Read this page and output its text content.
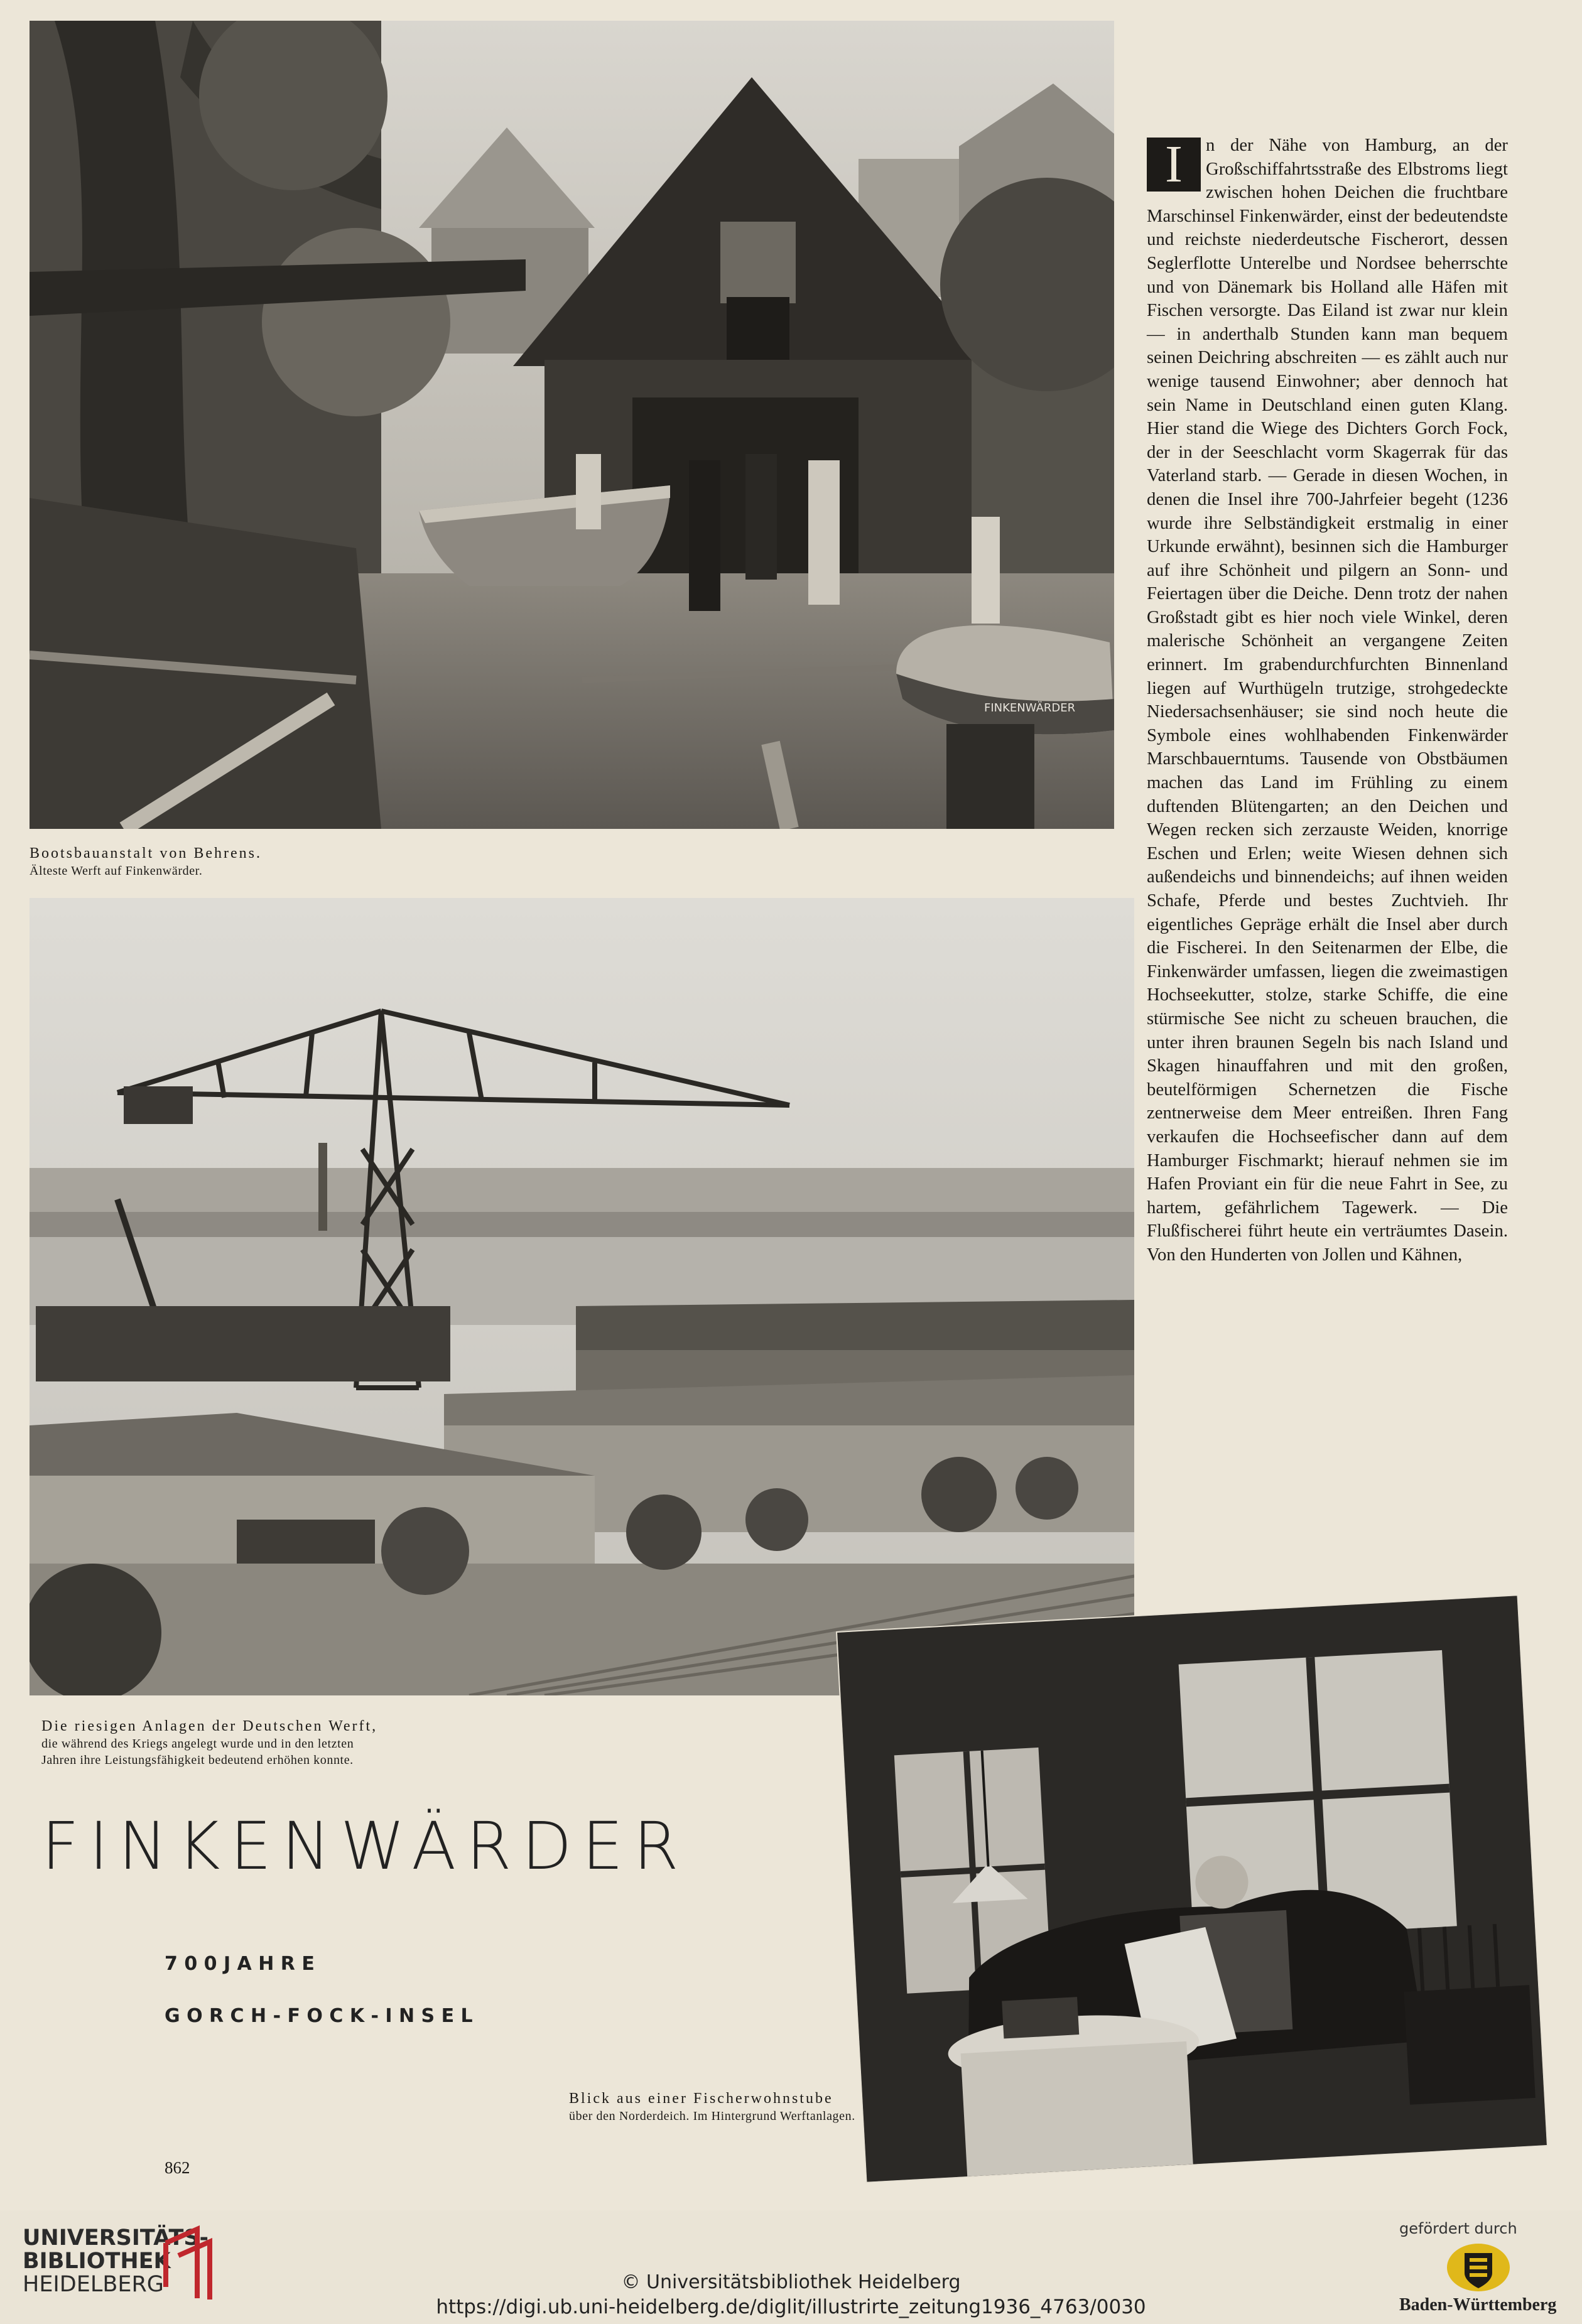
FINKENWÄRDER
Bootsbauanstalt von Behrens.
Älteste Werft auf Finkenwärder.
Die riesigen Anlagen der Deutschen Werft,
die während des Kriegs angelegt wurde und in den letzten
Jahren ihre Leistungsfähigkeit bedeutend erhöhen konnte.
FINKENWÄRDER
7 0 0 J A H R E
G O R C H - F O C K - I N S E L
Blick aus einer Fischerwohnstube
über den Norderdeich. Im Hintergrund Werftanlagen.
862
I	n der Nähe von Hamburg, an der Großschiffahrtsstraße des Elbstroms liegt zwischen hohen Deichen die fruchtbare Marschinsel Finkenwärder, einst der bedeutendste und reichste niederdeutsche Fischerort, dessen Seglerflotte Unterelbe und Nordsee beherrschte und von Dänemark bis Holland alle Häfen mit Fischen versorgte. Das Eiland ist zwar nur klein — in anderthalb Stunden kann man bequem seinen Deichring abschreiten — es zählt auch nur wenige tausend Einwohner; aber dennoch hat sein Name in Deutschland einen guten Klang. Hier stand die Wiege des Dichters Gorch Fock, der in der Seeschlacht vorm Skagerrak für das Vaterland starb. — Gerade in diesen Wochen, in denen die Insel ihre 700-Jahrfeier begeht (1236 wurde ihre Selbständigkeit erstmalig in einer Urkunde erwähnt), besinnen sich die Hamburger auf ihre Schönheit und pilgern an Sonn- und Feiertagen über die Deiche. Denn trotz der nahen Großstadt gibt es hier noch viele Winkel, deren malerische Schönheit an vergangene Zeiten erinnert. Im grabendurchfurchten Binnenland liegen auf Wurthügeln trutzige, strohgedeckte Niedersachsenhäuser; sie sind noch heute die Symbole eines wohlhabenden Finkenwärder Marschbauerntums. Tausende von Obstbäumen machen das Land im Frühling zu einem duftenden Blütengarten; an den Deichen und Wegen recken sich zerzauste Weiden, knorrige Eschen und Erlen; weite Wiesen dehnen sich außendeichs und binnendeichs; auf ihnen weiden Schafe, Pferde und bestes Zuchtvieh. Ihr eigentliches Gepräge erhält die Insel aber durch die Fischerei. In den Seitenarmen der Elbe, die Finkenwärder umfassen, liegen die zweimastigen Hochseekutter, stolze, starke Schiffe, die eine stürmische See nicht zu scheuen brauchen, die unter ihren braunen Segeln bis nach Island und Skagen hinauffahren und mit den großen, beutelförmigen Schernetzen die Fische zentnerweise dem Meer entreißen. Ihren Fang verkaufen die Hochseefischer dann auf dem Hamburger Fischmarkt; hierauf nehmen sie im Hafen Proviant ein für die neue Fahrt in See, zu hartem, gefährlichem Tagewerk. — Die Flußfischerei führt heute ein verträumtes Dasein. Von den Hunderten von Jollen und Kähnen,

UNIVERSITÄTS-
BIBLIOTHEK
HEIDELBERG	© Universitätsbibliothek Heidelberg
https://digi.ub.uni-heidelberg.de/diglit/illustrirte_zeitung1936_4763/0030
gefördert durch
Baden-Württemberg
